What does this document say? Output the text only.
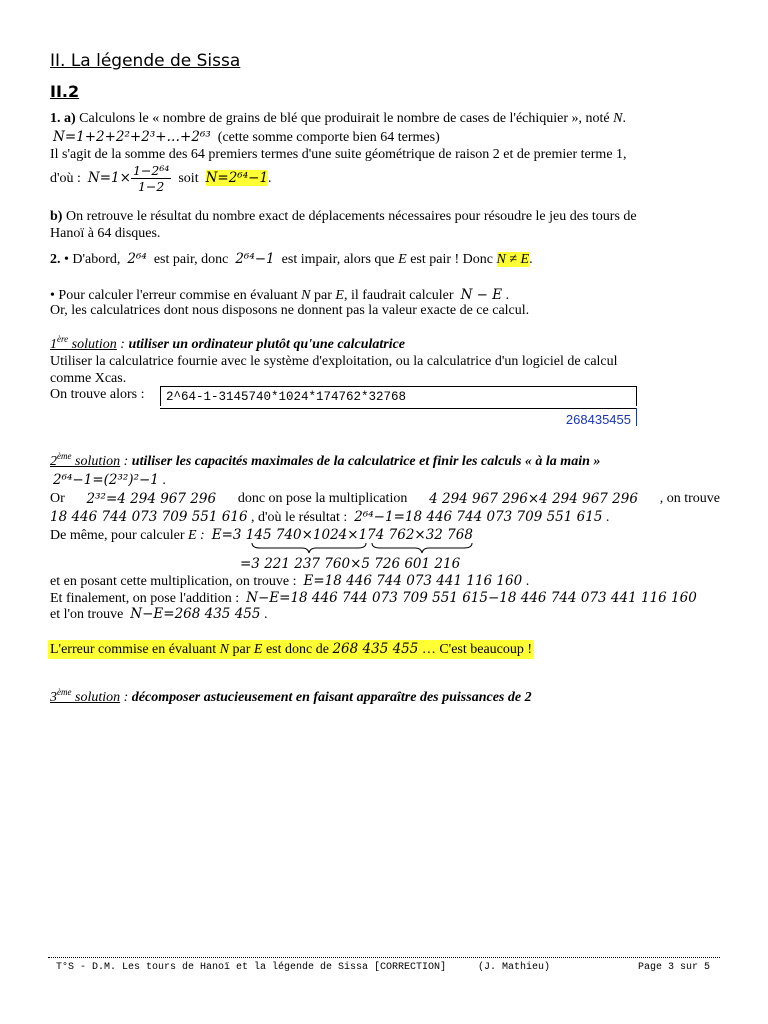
II. La légende de Sissa
II.2
1. a) Calculons le « nombre de grains de blé que produirait le nombre de cases de l'échiquier », noté N.
N=1+2+2²+2³+…+2⁶³ (cette somme comporte bien 64 termes)
Il s'agit de la somme des 64 premiers termes d'une suite géométrique de raison 2 et de premier terme 1,
d'où : $N=1\times \frac{\text{1−2⁶⁴}}{1-2}$ soit N=2⁶⁴−1.
b) On retrouve le résultat du nombre exact de déplacements nécessaires pour résoudre le jeu des tours de
Hanoï à 64 disques.
2. • D'abord, 2⁶⁴ est pair, donc 2⁶⁴−1 est impair, alors que E est pair ! Donc N ≠ E.
• Pour calculer l'erreur commise en évaluant N par E, il faudrait calculer N − E .
Or, les calculatrices dont nous disposons ne donnent pas la valeur exacte de ce calcul.
1ère solution : utiliser un ordinateur plutôt qu'une calculatrice
Utiliser la calculatrice fournie avec le système d'exploitation, ou la calculatrice d'un logiciel de calcul
comme Xcas.
On trouve alors :	2^64-1-3145740*1024*174762*32768
268435455
2ème solution : utiliser les capacités maximales de la calculatrice et finir les calculs « à la main »
2⁶⁴−1=(2³²)²−1 .
Or 2³²=4 294 967 296 donc on pose la multiplication 4 294 967 296×4 294 967 296 , on trouve
18 446 744 073 709 551 616 , d'où le résultat : 2⁶⁴−1=18 446 744 073 709 551 615 .
De même, pour calculer E : E=3 145 740×1024×174 762×32 768
=3 221 237 760×5 726 601 216
et en posant cette multiplication, on trouve : E=18 446 744 073 441 116 160 .
Et finalement, on pose l'addition : N−E=18 446 744 073 709 551 615−18 446 744 073 441 116 160
et l'on trouve N−E=268 435 455 .
L'erreur commise en évaluant N par E est donc de 268 435 455 … C'est beaucoup !
3ème solution : décomposer astucieusement en faisant apparaître des puissances de 2
T°S - D.M. Les tours de Hanoï et la légende de Sissa [CORRECTION]	(J. Mathieu)	Page 3 sur 5
